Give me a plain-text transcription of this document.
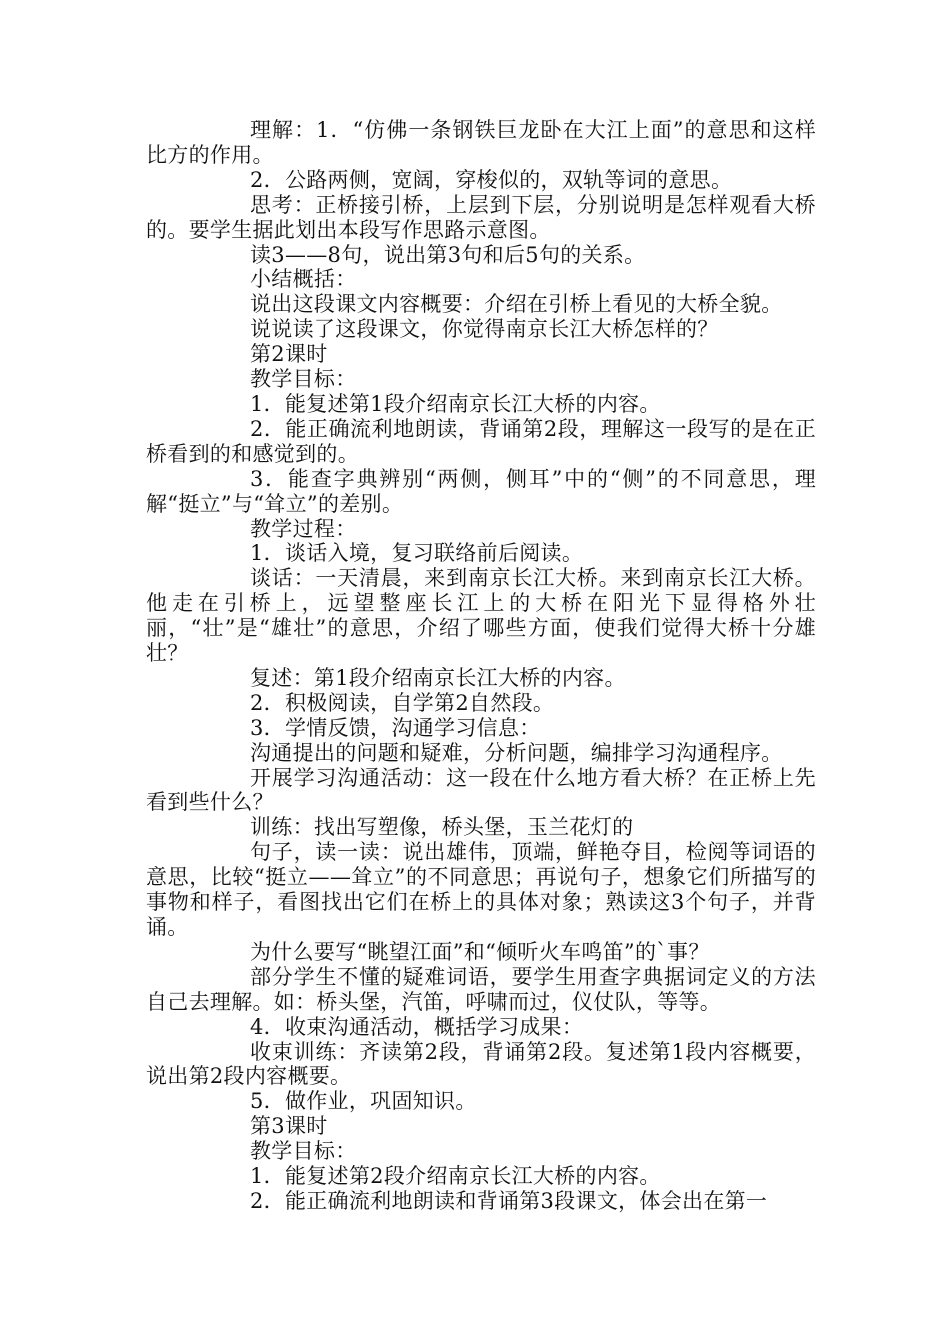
理解：1．“仿佛一条钢铁巨龙卧在大江上面”的意思和这样比方的作用。

2．公路两侧，宽阔，穿梭似的，双轨等词的意思。

思考：正桥接引桥，上层到下层，分别说明是怎样观看大桥的。要学生据此划出本段写作思路示意图。

读3——8句，说出第3句和后5句的关系。

小结概括：

说出这段课文内容概要：介绍在引桥上看见的大桥全貌。

说说读了这段课文，你觉得南京长江大桥怎样的？

第2课时

教学目标：

1．能复述第1段介绍南京长江大桥的内容。

2．能正确流利地朗读，背诵第2段，理解这一段写的是在正桥看到的和感觉到的。

3．能查字典辨别“两侧，侧耳”中的“侧”的不同意思，理解“挺立”与“耸立”的差别。

教学过程：

1．谈话入境，复习联络前后阅读。

谈话：一天清晨，来到南京长江大桥。来到南京长江大桥。他走在引桥上，远望整座长江上的大桥在阳光下显得格外壮丽，“壮”是“雄壮”的意思，介绍了哪些方面，使我们觉得大桥十分雄壮？

复述：第1段介绍南京长江大桥的内容。

2．积极阅读，自学第2自然段。

3．学情反馈，沟通学习信息：

沟通提出的问题和疑难，分析问题，编排学习沟通程序。

开展学习沟通活动：这一段在什么地方看大桥？在正桥上先看到些什么？

训练：找出写塑像，桥头堡，玉兰花灯的

句子，读一读：说出雄伟，顶端，鲜艳夺目，检阅等词语的意思，比较“挺立——耸立”的不同意思；再说句子，想象它们所描写的事物和样子，看图找出它们在桥上的具体对象；熟读这3个句子，并背诵。

为什么要写“眺望江面”和“倾听火车鸣笛”的`事？

部分学生不懂的疑难词语，要学生用查字典据词定义的方法自己去理解。如：桥头堡，汽笛，呼啸而过，仪仗队，等等。

4．收束沟通活动，概括学习成果：

收束训练：齐读第2段，背诵第2段。复述第1段内容概要，说出第2段内容概要。

5．做作业，巩固知识。

第3课时

教学目标：

1．能复述第2段介绍南京长江大桥的内容。

2．能正确流利地朗读和背诵第3段课文，体会出在第一
